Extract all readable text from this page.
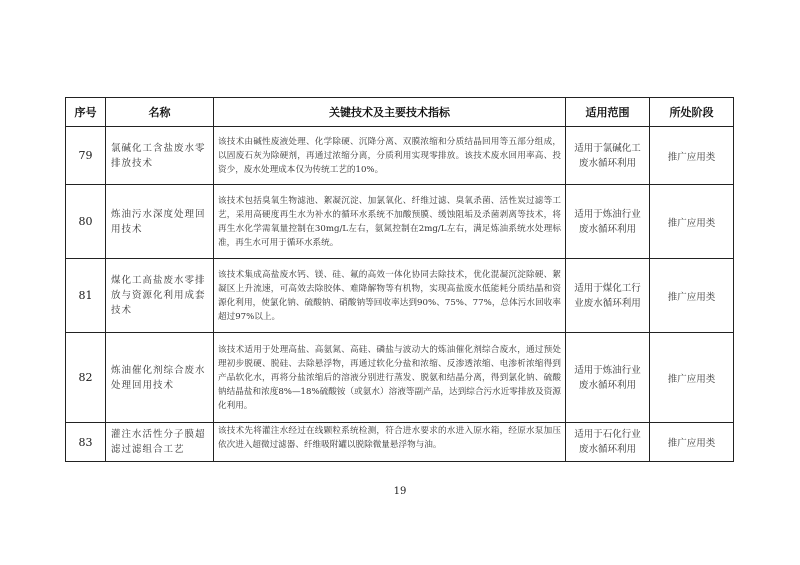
序号	名称	关键技术及主要技术指标	适用范围	所处阶段
79	氯碱化工含盐废水零排放技术	该技术由碱性废液处理、化学除硬、沉降分离、双膜浓缩和分质结晶回用等五部分组成，以固废石灰为除硬剂，再通过浓缩分离，分质利用实现零排放。该技术废水回用率高、投资少，废水处理成本仅为传统工艺的10%。	适用于氯碱化工废水循环利用	推广应用类
80	炼油污水深度处理回用技术	该技术包括臭氧生物滤池、絮凝沉淀、加氯氧化、纤维过滤、臭氧杀菌、活性炭过滤等工艺，采用高硬度再生水为补水的循环水系统不加酸预膜、缓蚀阻垢及杀菌剥离等技术，将再生水化学需氧量控制在30mg/L左右，氨氮控制在2mg/L左右，满足炼油系统水处理标准，再生水可用于循环水系统。	适用于炼油行业废水循环利用	推广应用类
81	煤化工高盐废水零排放与资源化利用成套技术	该技术集成高盐废水钙、镁、硅、氟的高效一体化协同去除技术，优化混凝沉淀除硬、絮凝区上升流速，可高效去除胶体、难降解物等有机物，实现高盐废水低能耗分质结晶和资源化利用，使氯化钠、硫酸钠、硝酸钠等回收率达到90%、75%、77%，总体污水回收率超过97%以上。	适用于煤化工行业废水循环利用	推广应用类
82	炼油催化剂综合废水处理回用技术	该技术适用于处理高盐、高氨氮、高硅、磷盐与波动大的炼油催化剂综合废水，通过预处理初步脱硬、脱硅、去除悬浮物，再通过软化分盐和浓缩、反渗透浓缩、电渗析浓缩得到产品软化水，再将分盐浓缩后的溶液分别进行蒸发、脱氨和结晶分离，得到氯化钠、硫酸钠结晶盐和浓度8%—18%硫酸铵（或氨水）溶液等副产品，达到综合污水近零排放及资源化利用。	适用于炼油行业废水循环利用	推广应用类
83	灌注水活性分子膜超滤过滤组合工艺	该技术先将灌注水经过在线颗粒系统检测，符合进水要求的水进入原水箱，经原水泵加压依次进入超微过滤器、纤维吸附罐以脱除微量悬浮物与油。	适用于石化行业废水循环利用	推广应用类
19
